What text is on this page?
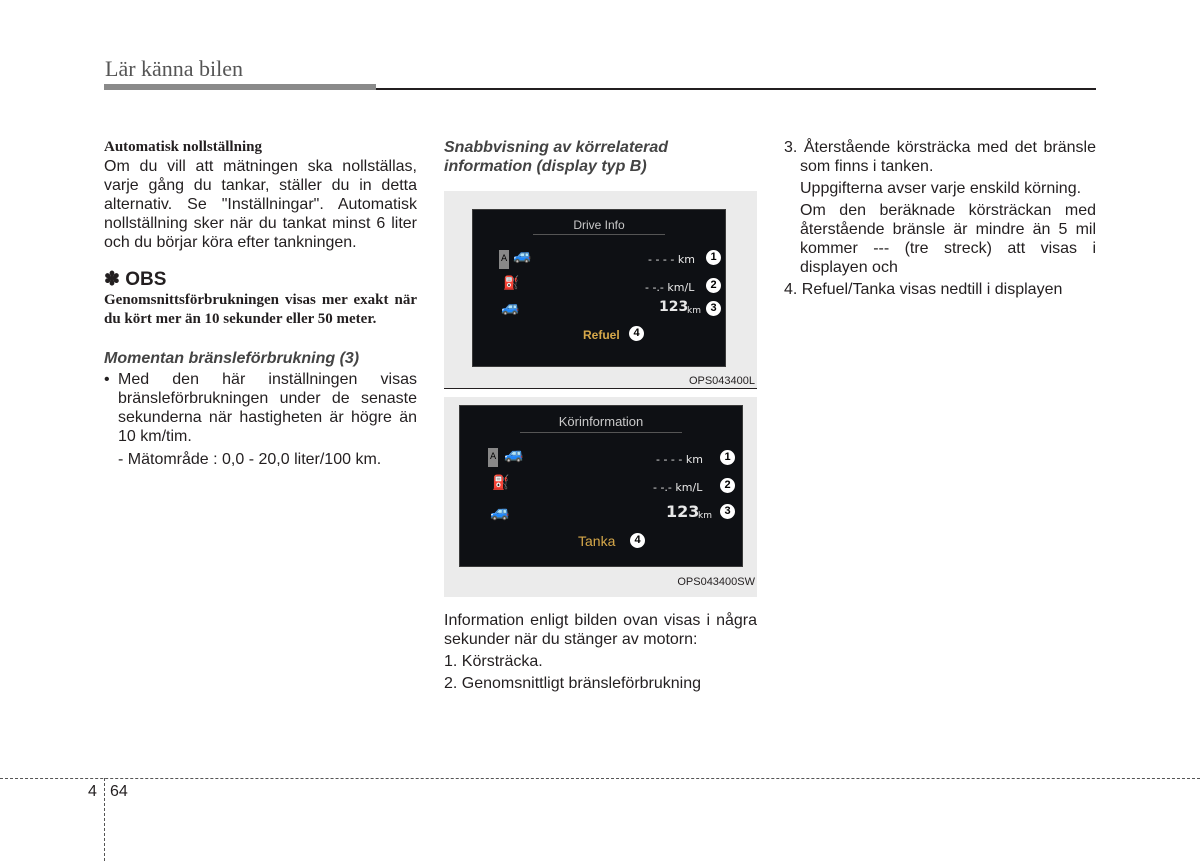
Lär känna bilen
Automatisk nollställning
Om du vill att mätningen ska nollställas, varje gång du tankar, ställer du in detta alternativ. Se "Inställningar". Automatisk nollställning sker när du tankat minst 6 liter och du börjar köra efter tankningen.
✽ OBS
Genomsnittsförbrukningen visas mer exakt när du kört mer än 10 sekunder eller 50 meter.
Momentan bränsleförbrukning (3)
• Med den här inställningen visas bränsleförbrukningen under de senaste sekunderna när hastigheten är högre än 10 km/tim.
- Mätområde : 0,0 - 20,0 liter/100 km.
Snabbvisning av körrelaterad information (display typ B)
Drive Info
A 🚙	- - - - km	1
⛽	- -.- km/L	2
🚙	123
km 3
Refuel	4
OPS043400L
Körinformation
A 🚙	- - - - km	1
⛽	- -.- km/L	2
🚙	123
km	3
Tanka	4
OPS043400SW
Information enligt bilden ovan visas i några sekunder när du stänger av motorn:
1. Körsträcka.
2. Genomsnittligt bränsleförbrukning
3. Återstående körsträcka med det bränsle som finns i tanken.
Uppgifterna avser varje enskild körning.
Om den beräknade körsträckan med återstående bränsle är mindre än 5 mil kommer --- (tre streck) att visas i displayen och
4. Refuel/Tanka visas nedtill i displayen
4 64
